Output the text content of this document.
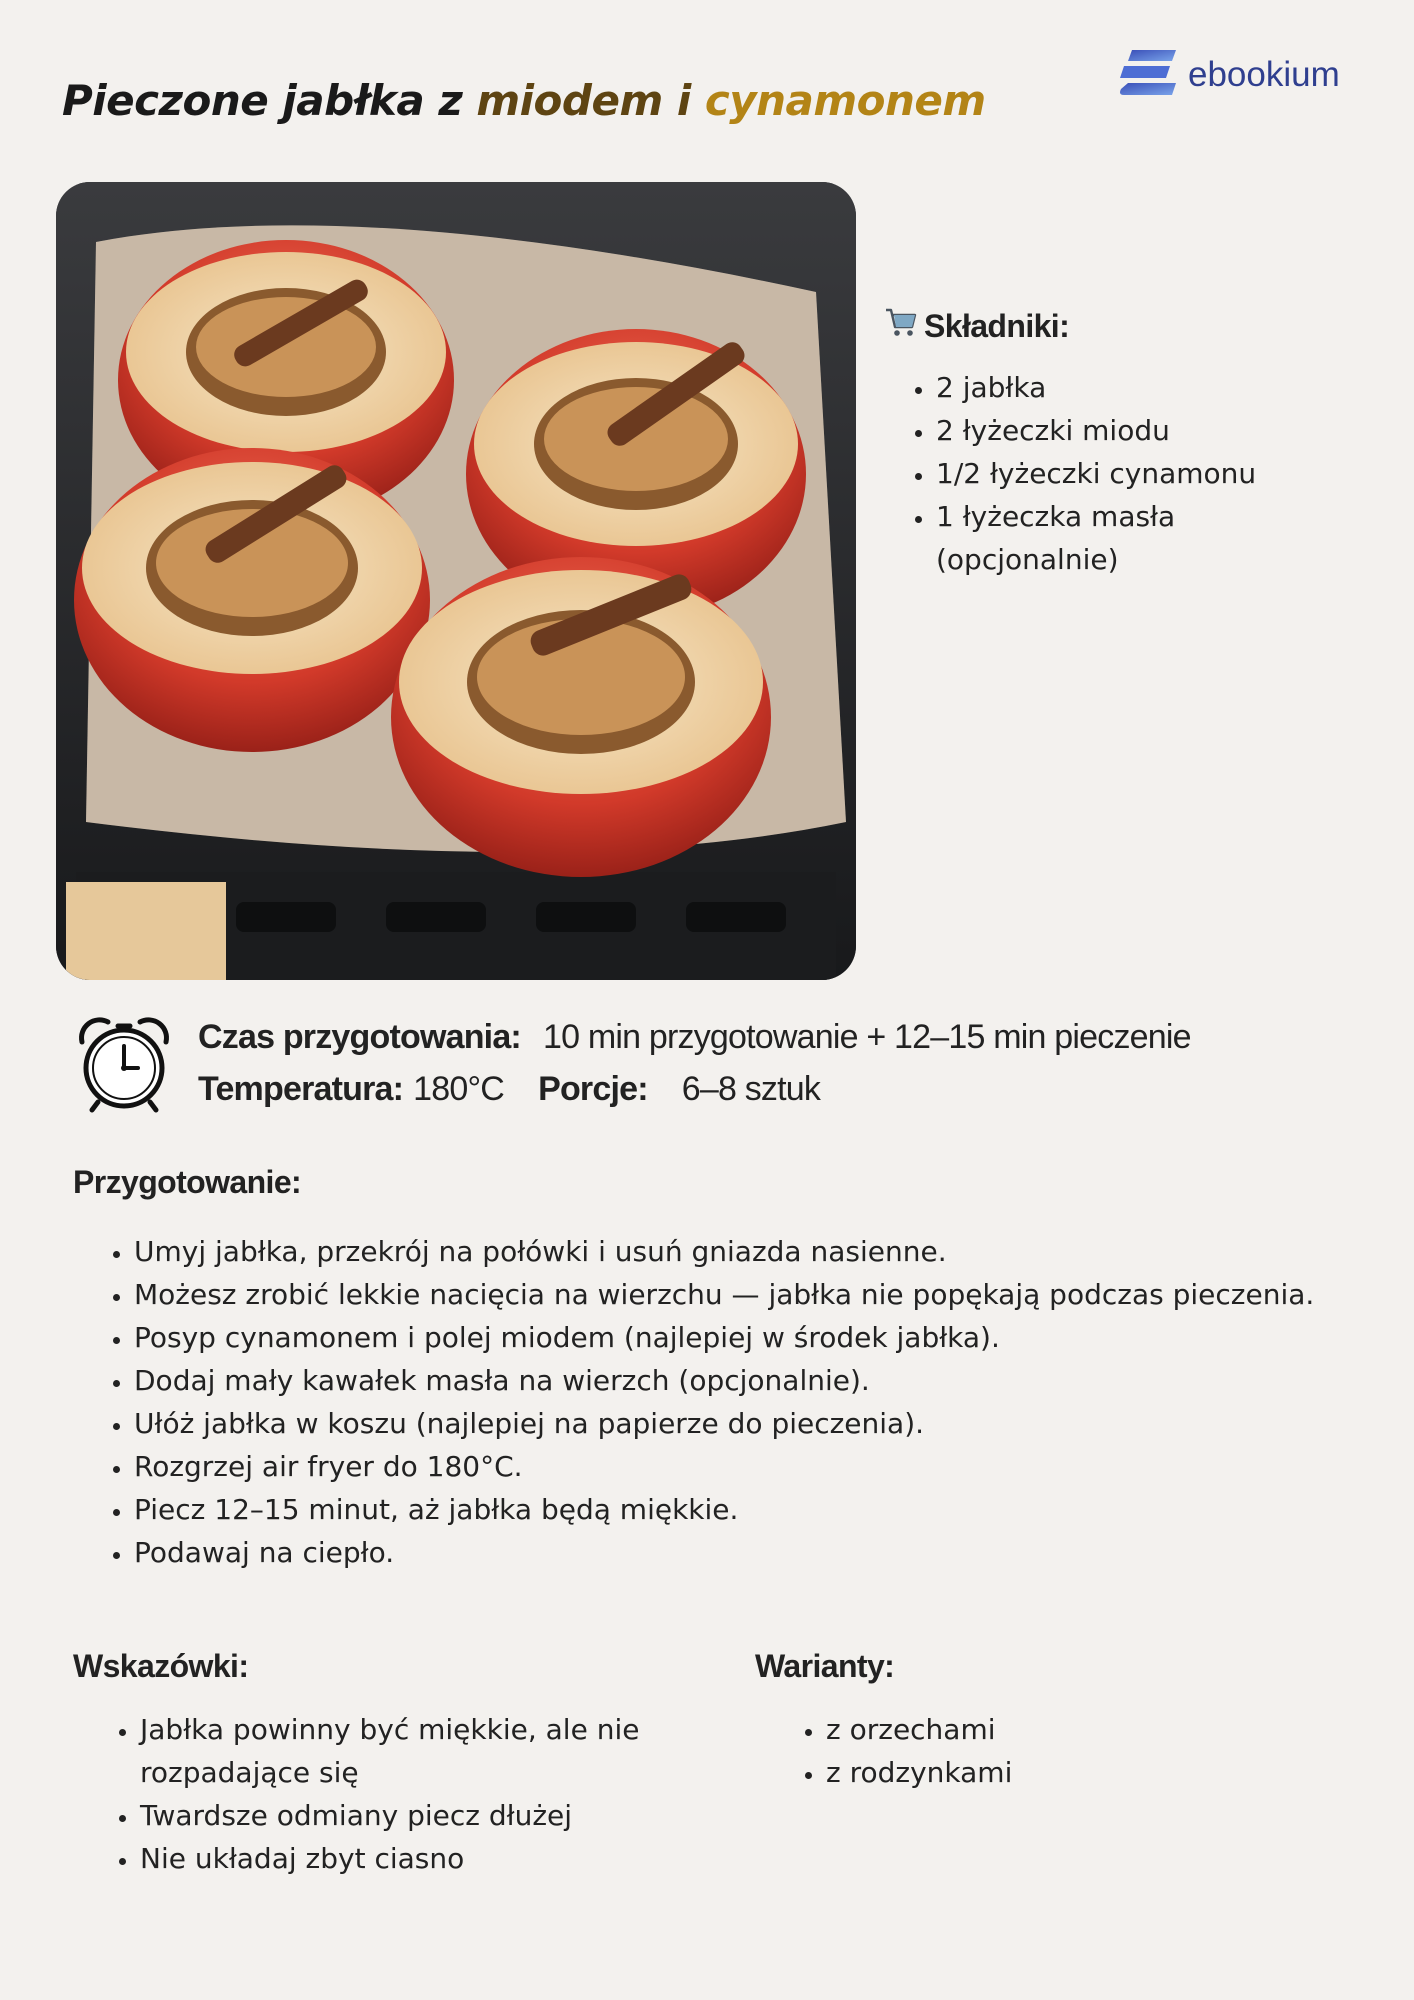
Pieczone jabłka z miodem i cynamonem
ebookium
Składniki:
• 2 jabłka
• 2 łyżeczki miodu
• 1/2 łyżeczki cynamonu
• 1 łyżeczka masła (opcjonalnie)
Czas przygotowania: 10 min przygotowanie + 12–15 min pieczenie
Temperatura: 180°C Porcje: 6–8 sztuk
Przygotowanie:
• Umyj jabłka, przekrój na połówki i usuń gniazda nasienne.
• Możesz zrobić lekkie nacięcia na wierzchu — jabłka nie popękają podczas pieczenia.
• Posyp cynamonem i polej miodem (najlepiej w środek jabłka).
• Dodaj mały kawałek masła na wierzch (opcjonalnie).
• Ułóż jabłka w koszu (najlepiej na papierze do pieczenia).
• Rozgrzej air fryer do 180°C.
• Piecz 12–15 minut, aż jabłka będą miękkie.
• Podawaj na ciepło.
Wskazówki:
• Jabłka powinny być miękkie, ale nie rozpadające się
• Twardsze odmiany piecz dłużej
• Nie układaj zbyt ciasno
Warianty:
• z orzechami
• z rodzynkami
